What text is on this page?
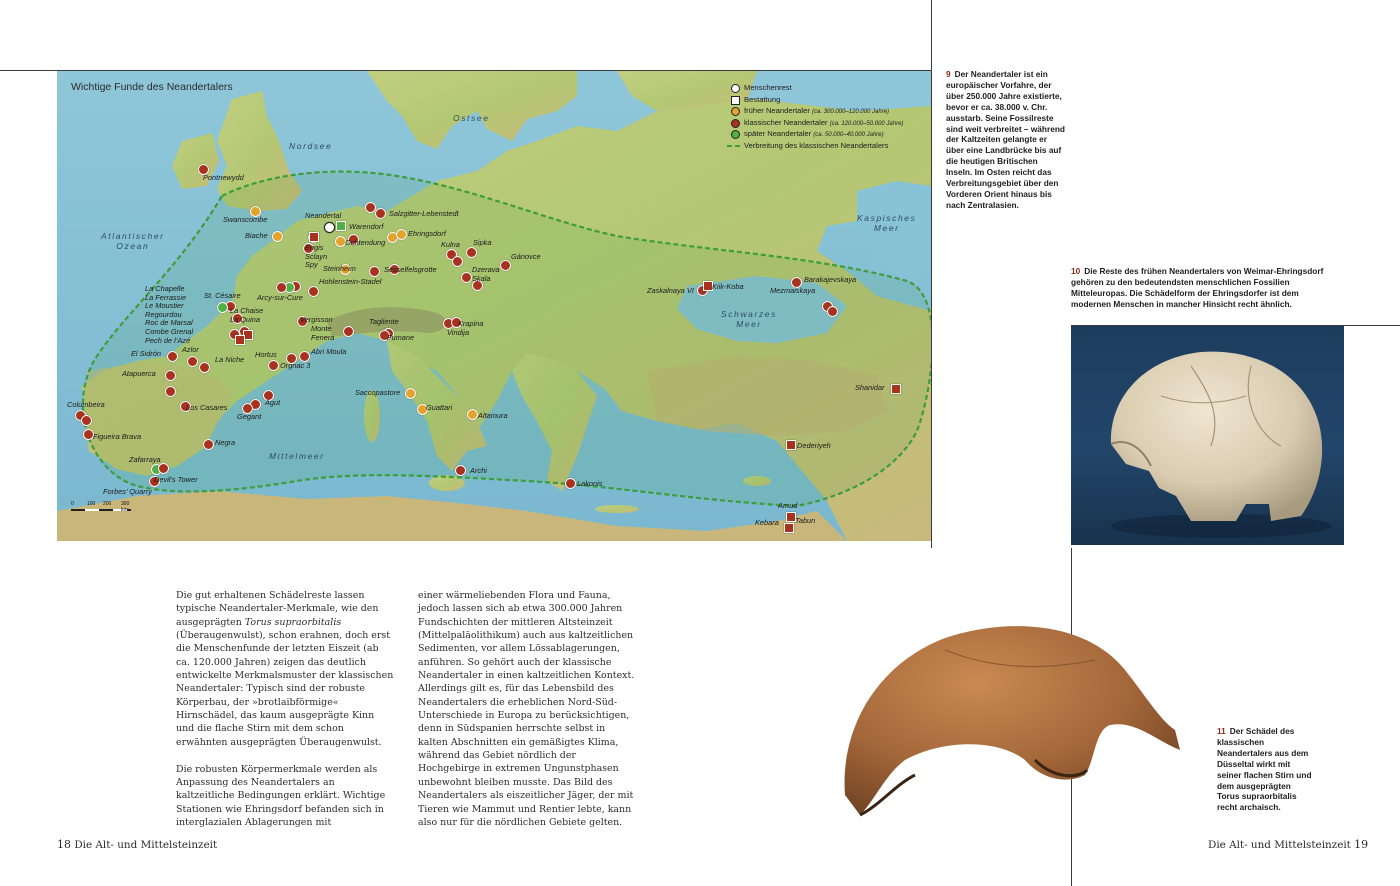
Wichtige Funde des Neandertalers
Ostsee
Nordsee
Atlantischer
Ozean
Kaspisches
Meer
Schwarzes
Meer
Mittelmeer
Menschenrest
Bestattung
früher Neandertaler (ca. 300.000–120.000 Jahre)
klassischer Neandertaler (ca. 120.000–50.000 Jahre)
später Neandertaler (ca. 50.000–40.000 Jahre)
Verbreitung des klassischen Neandertalers
0	100 200 300 km
Pontnewydd
Swanscombe
Biache
Neandertal	Salzgitter-Lebenstedt
Warendorf
Ehringsdorf
Engis
Sclayn
Spy
Ochtendung	Kulna Sipka
Steinheim	Sesselfelsgrotte
Hohlenstein-Stadel
Gánovce
Dzerava
Skala
La Chapelle
La Ferrassie
Le Moustier
Regourdou
Roc de Marsal
Combe Grenal
Pech de l’Azé
St. Césaire Arcy-sur-Cure
La Chaise
La Quina	Vergisson
Monte
Fenera
Tagliente
Fumane
Krapina
Vindija
El Sidrón	Azlor
La Niche
Hortus	Abri Moula
Orgnac 3
Atapuerca
Los Casares
Agut
Gegant
Columbeira
Figueira Brava
Negra
Zafarraya
Devil’s Tower
Forbes’ Quarry
Saccopastore
Guattari
Altamura
Archi
Lakonis
Zaskalnaya VI Kiik-Koba
Barakajevskaya
Mezmaiskaya
Shanidar
Dederiyeh
Amud
Kebara Tabun
9 Der Neandertaler ist ein europäischer Vorfahre, der über 250.000 Jahre existierte, bevor er ca. 38.000 v. Chr. ausstarb. Seine Fossilreste sind weit verbreitet – während der Kaltzeiten gelangte er über eine Landbrücke bis auf die heutigen Britischen Inseln. Im Osten reicht das Verbreitungsgebiet über den Vorderen Orient hinaus bis nach Zentralasien.
10 Die Reste des frühen Neandertalers von Weimar-Ehringsdorf gehören zu den bedeutendsten menschlichen Fossilien Mitteleuropas. Die Schädelform der Ehringsdorfer ist dem modernen Menschen in mancher Hinsicht recht ähnlich.
11 Der Schädel des klassischen Neandertalers aus dem Düsseltal wirkt mit seiner flachen Stirn und dem ausgeprägten Torus supraorbitalis recht archaisch.

Die gut erhaltenen Schädelreste lassen typische Neandertaler-Merkmale, wie den ausgeprägten Torus supraorbitalis (Überaugenwulst), schon erahnen, doch erst die Menschenfunde der letzten Eiszeit (ab ca. 120.000 Jahren) zeigen das deutlich entwickelte Merkmalsmuster der klassischen Neandertaler: Typisch sind der robuste Körperbau, der »brotlaibförmige« Hirnschädel, das kaum ausgeprägte Kinn und die flache Stirn mit dem schon erwähnten ausgeprägten Überaugenwulst.

Die robusten Körpermerkmale werden als Anpassung des Neandertalers an kaltzeitliche Bedingungen erklärt. Wichtige Stationen wie Ehringsdorf befanden sich in interglazialen Ablagerungen mit

einer wärmeliebenden Flora und Fauna, jedoch lassen sich ab etwa 300.000 Jahren Fundschichten der mittleren Altsteinzeit (Mittelpaläolithikum) auch aus kaltzeitlichen Sedimenten, vor allem Lössablagerungen, anführen. So gehört auch der klassische Neandertaler in einen kaltzeitlichen Kontext. Allerdings gilt es, für das Lebensbild des Neandertalers die erheblichen Nord-Süd-Unterschiede in Europa zu berücksichtigen, denn in Südspanien herrschte selbst in kalten Abschnitten ein gemäßigtes Klima, während das Gebiet nördlich der Hochgebirge in extremen Ungunstphasen unbewohnt bleiben musste. Das Bild des Neandertalers als eiszeitlicher Jäger, der mit Tieren wie Mammut und Rentier lebte, kann also nur für die nördlichen Gebiete gelten.

18 Die Alt- und Mittelsteinzeit	Die Alt- und Mittelsteinzeit 19
